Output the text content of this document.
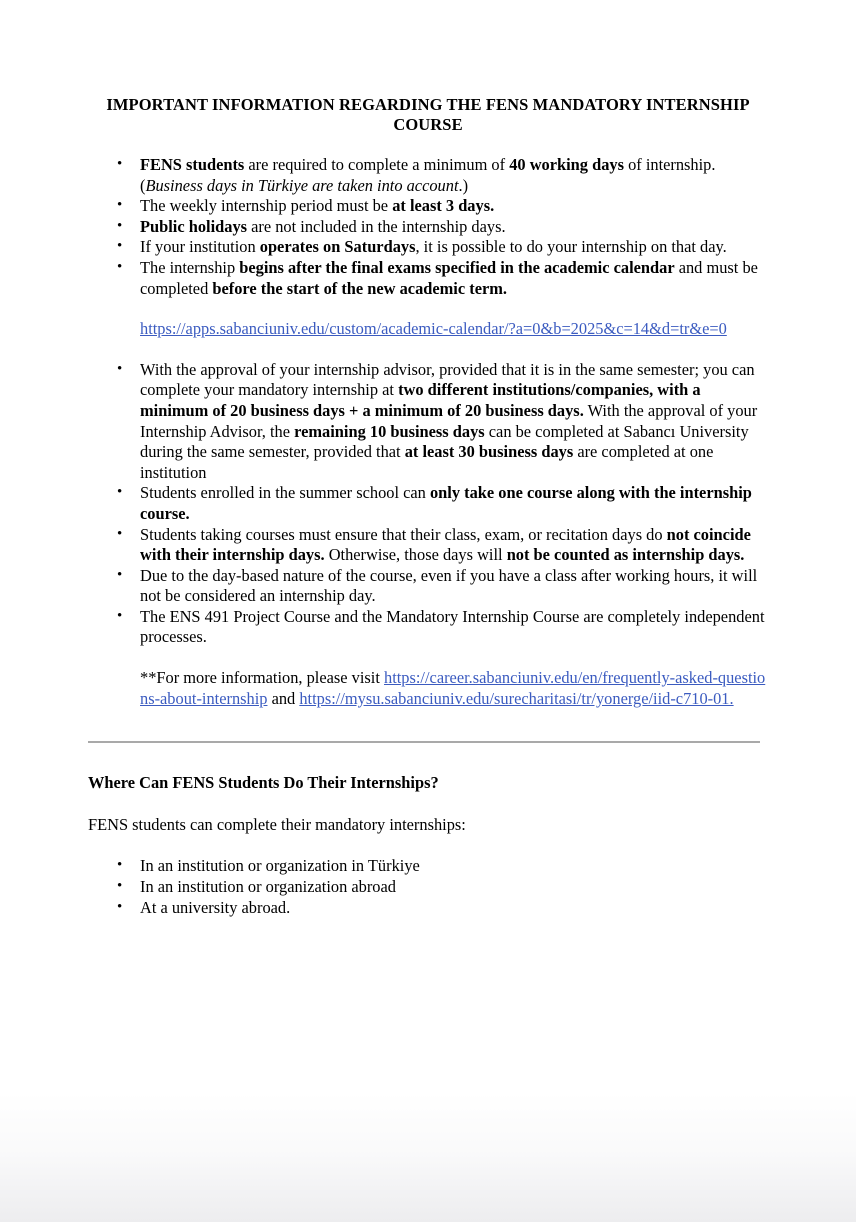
IMPORTANT INFORMATION REGARDING THE FENS MANDATORY INTERNSHIP COURSE
• FENS students are required to complete a minimum of 40 working days of internship. (Business days in Türkiye are taken into account.)
• The weekly internship period must be at least 3 days.
• Public holidays are not included in the internship days.
• If your institution operates on Saturdays, it is possible to do your internship on that day.
• The internship begins after the final exams specified in the academic calendar and must be completed before the start of the new academic term.

https://apps.sabanciuniv.edu/custom/academic-calendar/?a=0&b=2025&c=14&d=tr&e=0

• With the approval of your internship advisor, provided that it is in the same semester; you can complete your mandatory internship at two different institutions/companies, with a minimum of 20 business days + a minimum of 20 business days. With the approval of your Internship Advisor, the remaining 10 business days can be completed at Sabancı University during the same semester, provided that at least 30 business days are completed at one institution
• Students enrolled in the summer school can only take one course along with the internship course.
• Students taking courses must ensure that their class, exam, or recitation days do not coincide with their internship days. Otherwise, those days will not be counted as internship days.
• Due to the day-based nature of the course, even if you have a class after working hours, it will not be considered an internship day.
• The ENS 491 Project Course and the Mandatory Internship Course are completely independent processes.

**For more information, please visit https://career.sabanciuniv.edu/en/frequently-asked-questions-about-internship and https://mysu.sabanciuniv.edu/surecharitasi/tr/yonerge/iid-c710-01.

Where Can FENS Students Do Their Internships?

FENS students can complete their mandatory internships:

• In an institution or organization in Türkiye
• In an institution or organization abroad
• At a university abroad.
